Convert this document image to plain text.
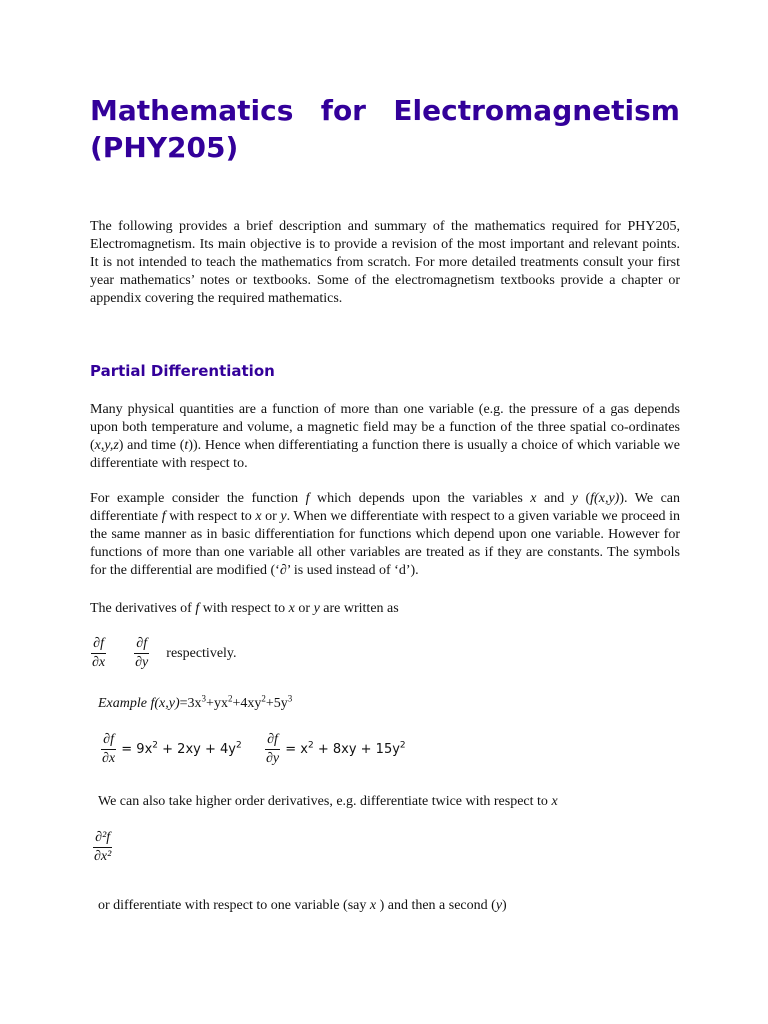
Mathematics for Electromagnetism
(PHY205)

The following provides a brief description and summary of the mathematics required for PHY205, Electromagnetism. Its main objective is to provide a revision of the most important and relevant points. It is not intended to teach the mathematics from scratch. For more detailed treatments consult your first year mathematics’ notes or textbooks. Some of the electromagnetism textbooks provide a chapter or appendix covering the required mathematics.

Partial Differentiation

Many physical quantities are a function of more than one variable (e.g. the pressure of a gas depends upon both temperature and volume, a magnetic field may be a function of the three spatial co-ordinates (x,y,z) and time (t)). Hence when differentiating a function there is usually a choice of which variable we differentiate with respect to.

For example consider the function f which depends upon the variables x and y (f(x,y)). We can differentiate f with respect to x or y. When we differentiate with respect to a given variable we proceed in the same manner as in basic differentiation for functions which depend upon one variable. However for functions of more than one variable all other variables are treated as if they are constants. The symbols for the differential are modified (‘∂’ is used instead of ‘d’).

The derivatives of f with respect to x or y are written as

$\frac{\partial f}{\partial x}$
$\frac{\partial f}{\partial y}$ respectively.
Example $f(x,y)=3x^3+yx^2+4xy^2+5y^3$
$\frac{\partial f}{\partial x} = 9x^2 + 2xy + 4y^2 \frac{\partial f}{\partial y} = x^2 + 8xy + 15y^2$

We can also take higher order derivatives, e.g. differentiate twice with respect to x

$\frac{\text{∂²f}}{\text{∂x²}}$

or differentiate with respect to one variable (say x ) and then a second (y)
